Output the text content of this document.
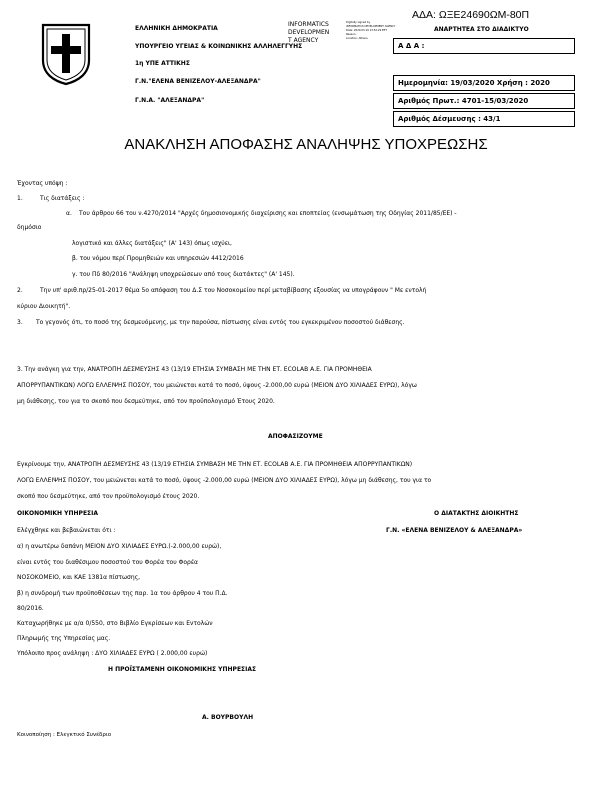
ΕΛΛΗΝΙΚΗ ΔΗΜΟΚΡΑΤΙΑ
ΥΠΟΥΡΓΕΙΟ ΥΓΕΙΑΣ & ΚΟΙΝΩΝΙΚΗΣ ΑΛΛΗΛΕΓΓΥΗΣ
1η ΥΠΕ ΑΤΤΙΚΗΣ
Γ.Ν."ΕΛΕΝΑ ΒΕΝΙΖΕΛΟΥ-ΑΛΕΞΑΝΔΡΑ"
Γ.Ν.Α. "ΑΛΕΞΑΝΔΡΑ"
INFORMATICS
DEVELOPMEN
T AGENCY
Digitally signed by
INFORMATICS DEVELOPMENT AGENCY
Date: 2020.03.19 13:52:29 EET
Reason:
Location: Athens
ΑΔΑ: ΩΞΕ24690ΩΜ-80Π
ΑΝΑΡΤΗΤΕΑ ΣΤΟ ΔΙΑΔΙΚΤΥΟ
Α Δ Α :
Ημερομηνία: 19/03/2020 Χρήση : 2020
Αριθμός Πρωτ.: 4701-15/03/2020
Αριθμός Δέσμευσης : 43/1
ΑΝΑΚΛΗΣΗ ΑΠΟΦΑΣΗΣ ΑΝΑΛΗΨΗΣ ΥΠΟΧΡΕΩΣΗΣ
Έχοντας υπόψη :
1.	Τις διατάξεις :
α. Του άρθρου 66 του ν.4270/2014 "Αρχές δημοσιονομικής διαχείρισης και εποπτείας (ενσωμάτωση της Οδηγίας 2011/85/ΕΕ) -
δημόσιο
λογιστικό και άλλες διατάξεις" (Α' 143) όπως ισχύει,
β. του νόμου περί Προμηθειών και υπηρεσιών 4412/2016
γ. του Πδ 80/2016 "Ανάληψη υποχρεώσεων από τους διατάκτες" (Α' 145).
2.	Την υπ' αριθ.πρ/25-01-2017 θέμα 5ο απόφαση του Δ.Σ του Νοσοκομείου περί μεταβίβασης εξουσίας να υπογράφουν " Με εντολή
κύριου Διοικητή".
3. Το γεγονός ότι, το ποσό της δεσμευόμενης, με την παρούσα, πίστωσης είναι εντός του εγκεκριμένου ποσοστού διάθεσης.
3. Την ανάγκη για την, ΑΝΑΤΡΟΠΗ ΔΕΣΜΕΥΣΗΣ 43 (13/19 ΕΤΗΣΙΑ ΣΥΜΒΑΣΗ ΜΕ ΤΗΝ ΕΤ. ECOLAB Α.Ε. ΓΙΑ ΠΡΟΜΗΘΕΙΑ
ΑΠΟΡΡΥΠΑΝΤΙΚΩΝ) ΛΟΓΩ ΕΛΛΕΙΨΗΣ ΠΟΣΟΥ, του μειώνεται κατά το ποσό, ύψους -2.000,00 ευρώ (ΜΕΙΟΝ ΔΥΟ ΧΙΛΙΑΔΕΣ ΕΥΡΩ), λόγω
μη διάθεσης, του για το σκοπό που δεσμεύτηκε, από τον προϋπολογισμό Έτους 2020.
ΑΠΟΦΑΣΙΖΟΥΜΕ
Εγκρίνουμε την, ΑΝΑΤΡΟΠΗ ΔΕΣΜΕΥΣΗΣ 43 (13/19 ΕΤΗΣΙΑ ΣΥΜΒΑΣΗ ΜΕ ΤΗΝ ΕΤ. ECOLAB Α.Ε. ΓΙΑ ΠΡΟΜΗΘΕΙΑ ΑΠΟΡΡΥΠΑΝΤΙΚΩΝ)
ΛΟΓΩ ΕΛΛΕΙΨΗΣ ΠΟΣΟΥ, του μειώνεται κατά το ποσό, ύψους -2.000,00 ευρώ (ΜΕΙΟΝ ΔΥΟ ΧΙΛΙΑΔΕΣ ΕΥΡΩ), λόγω μη διάθεσης, του για το
σκοπό που δεσμεύτηκε, από τον προϋπολογισμό έτους 2020.
ΟΙΚΟΝΟΜΙΚΗ ΥΠΗΡΕΣΙΑ
Ελέγχθηκε και βεβαιώνεται ότι :
α) η ανωτέρω δαπάνη ΜΕΙΟΝ ΔΥΟ ΧΙΛΙΑΔΕΣ ΕΥΡΩ.(-2.000,00 ευρώ),
είναι εντός του διαθέσιμου ποσοστού του Φορέα του Φορέα
ΝΟΣΟΚΟΜΕΙΟ, και ΚΑΕ 1381α πίστωσης,
β) η συνδρομή των προϋποθέσεων της παρ. 1α του άρθρου 4 του Π.Δ.
80/2016.
Καταχωρήθηκε με α/α 0/550, στο Βιβλίο Εγκρίσεων και Εντολών
Πληρωμής της Υπηρεσίας μας.
Υπόλοιπο προς ανάληψη : ΔΥΟ ΧΙΛΙΑΔΕΣ ΕΥΡΩ ( 2.000,00 ευρώ)
Η ΠΡΟΪΣΤΑΜΕΝΗ ΟΙΚΟΝΟΜΙΚΗΣ ΥΠΗΡΕΣΙΑΣ
Α. ΒΟΥΡΒΟΥΛΗ
Ο ΔΙΑΤΑΚΤΗΣ ΔΙΟΙΚΗΤΗΣ
Γ.Ν. «ΕΛΕΝΑ ΒΕΝΙΖΕΛΟΥ & ΑΛΕΞΑΝΔΡΑ»
Κοινοποίηση : Ελεγκτικό Συνέδριο
